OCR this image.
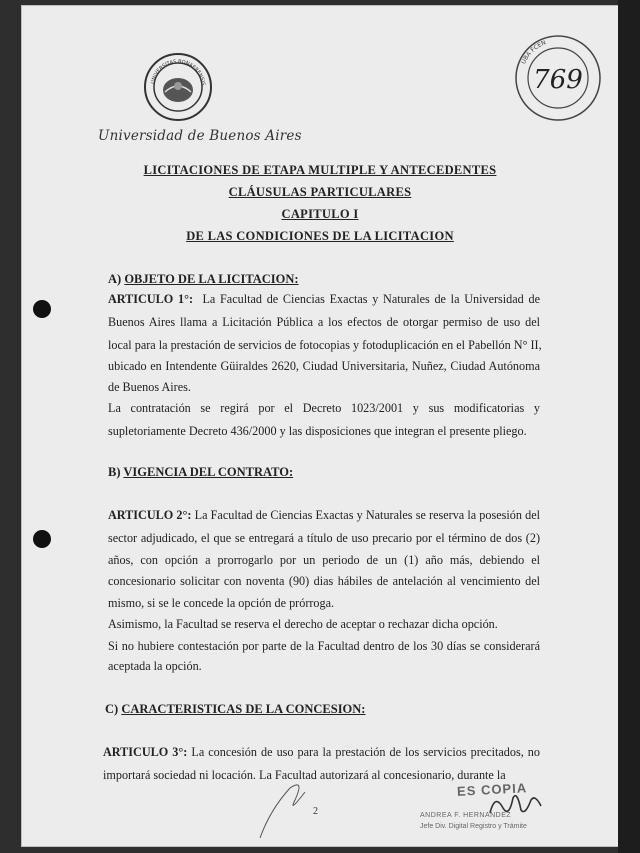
UNIVERSITAS BONAERENSIS
Universidad de Buenos Aires
UBA FCEN
769
LICITACIONES DE ETAPA MULTIPLE Y ANTECEDENTES
CLÁUSULAS PARTICULARES
CAPITULO I
DE LAS CONDICIONES DE LA LICITACION
A) OBJETO DE LA LICITACION:
ARTICULO 1°: La Facultad de Ciencias Exactas y Naturales de la Universidad de
Buenos Aires llama a Licitación Pública a los efectos de otorgar permiso de uso del
local para la prestación de servicios de fotocopias y fotoduplicación en el Pabellón N° II,
ubicado en Intendente Güiraldes 2620, Ciudad Universitaria, Nuñez, Ciudad Autónoma
de Buenos Aires.
La contratación se regirá por el Decreto 1023/2001 y sus modificatorias y
supletoriamente Decreto 436/2000 y las disposiciones que integran el presente pliego.
B) VIGENCIA DEL CONTRATO:
ARTICULO 2°: La Facultad de Ciencias Exactas y Naturales se reserva la posesión del
sector adjudicado, el que se entregará a título de uso precario por el término de dos (2)
años, con opción a prorrogarlo por un periodo de un (1) año más, debiendo el
concesionario solicitar con noventa (90) dias hábiles de antelación al vencimiento del
mismo, si se le concede la opción de prórroga.
Asimismo, la Facultad se reserva el derecho de aceptar o rechazar dicha opción.
Si no hubiere contestación por parte de la Facultad dentro de los 30 días se considerará
aceptada la opción.
C) CARACTERISTICAS DE LA CONCESION:
ARTICULO 3°: La concesión de uso para la prestación de los servicios precitados, no
importará sociedad ni locación. La Facultad autorizará al concesionario, durante la
2
ES COPIA
ANDREA F. HERNANDEZ
Jefe Div. Digital Registro y Trámite
